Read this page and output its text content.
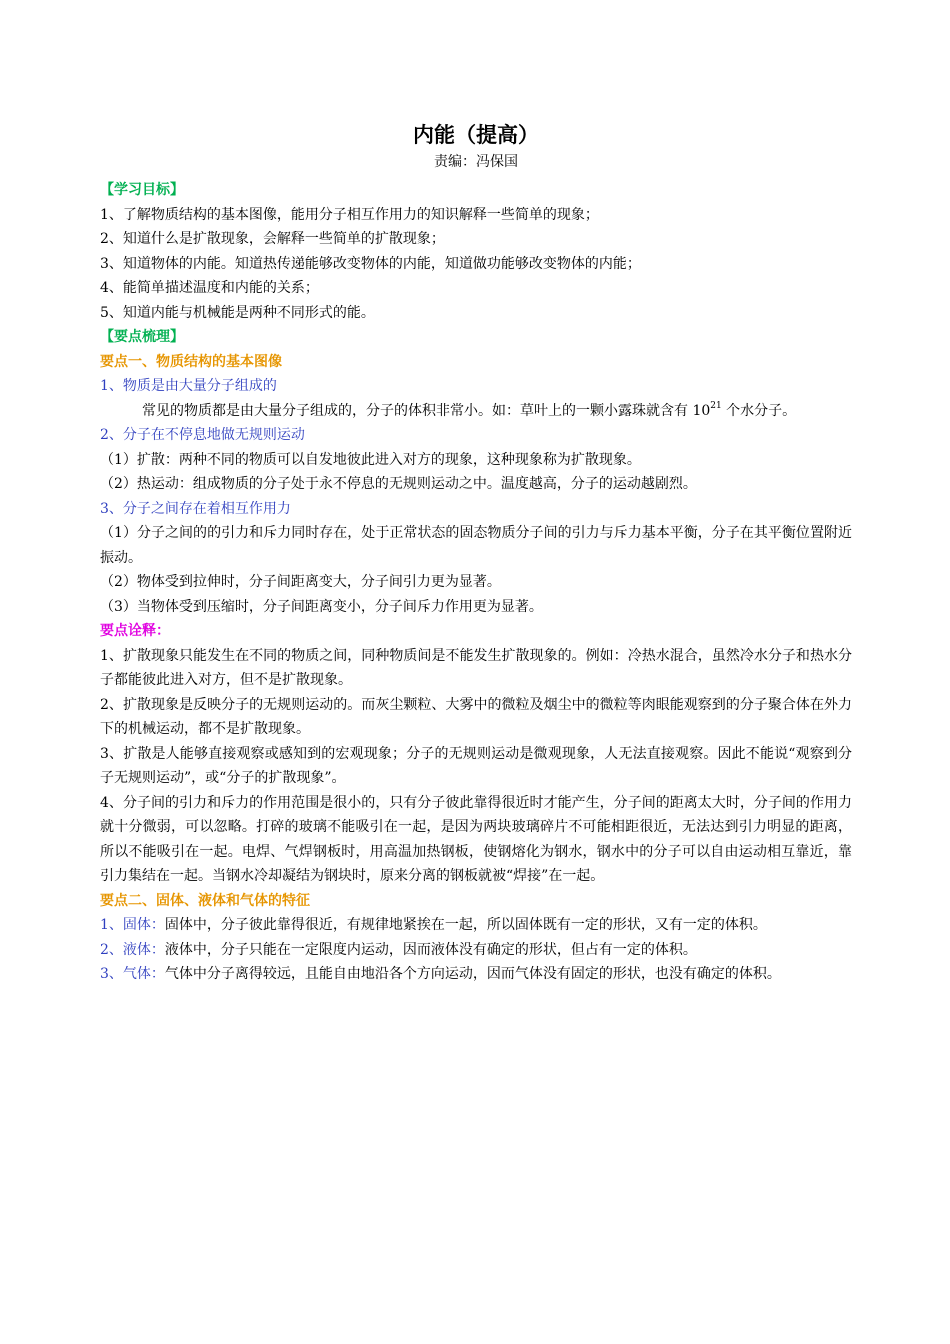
内能（提高）
责编：冯保国
【学习目标】
1、了解物质结构的基本图像，能用分子相互作用力的知识解释一些简单的现象；
2、知道什么是扩散现象，会解释一些简单的扩散现象；
3、知道物体的内能。知道热传递能够改变物体的内能，知道做功能够改变物体的内能；
4、能简单描述温度和内能的关系；
5、知道内能与机械能是两种不同形式的能。
【要点梳理】
要点一、物质结构的基本图像
1、物质是由大量分子组成的
常见的物质都是由大量分子组成的，分子的体积非常小。如：草叶上的一颗小露珠就含有 $10^{21}$ 个水分子。
2、分子在不停息地做无规则运动
（1）扩散：两种不同的物质可以自发地彼此进入对方的现象，这种现象称为扩散现象。
（2）热运动：组成物质的分子处于永不停息的无规则运动之中。温度越高，分子的运动越剧烈。
3、分子之间存在着相互作用力
（1）分子之间的的引力和斥力同时存在，处于正常状态的固态物质分子间的引力与斥力基本平衡，分子在其平衡位置附近振动。
（2）物体受到拉伸时，分子间距离变大，分子间引力更为显著。
（3）当物体受到压缩时，分子间距离变小，分子间斥力作用更为显著。
要点诠释：
1、扩散现象只能发生在不同的物质之间，同种物质间是不能发生扩散现象的。例如：冷热水混合，虽然冷水分子和热水分子都能彼此进入对方，但不是扩散现象。
2、扩散现象是反映分子的无规则运动的。而灰尘颗粒、大雾中的微粒及烟尘中的微粒等肉眼能观察到的分子聚合体在外力下的机械运动，都不是扩散现象。
3、扩散是人能够直接观察或感知到的宏观现象；分子的无规则运动是微观现象，人无法直接观察。因此不能说“观察到分子无规则运动”，或“分子的扩散现象”。
4、分子间的引力和斥力的作用范围是很小的，只有分子彼此靠得很近时才能产生，分子间的距离太大时，分子间的作用力就十分微弱，可以忽略。打碎的玻璃不能吸引在一起，是因为两块玻璃碎片不可能相距很近，无法达到引力明显的距离，所以不能吸引在一起。电焊、气焊钢板时，用高温加热钢板，使钢熔化为钢水，钢水中的分子可以自由运动相互靠近，靠引力集结在一起。当钢水冷却凝结为钢块时，原来分离的钢板就被“焊接”在一起。
要点二、固体、液体和气体的特征
1、固体：固体中，分子彼此靠得很近，有规律地紧挨在一起，所以固体既有一定的形状，又有一定的体积。
2、液体：液体中，分子只能在一定限度内运动，因而液体没有确定的形状，但占有一定的体积。
3、气体：气体中分子离得较远，且能自由地沿各个方向运动，因而气体没有固定的形状，也没有确定的体积。
